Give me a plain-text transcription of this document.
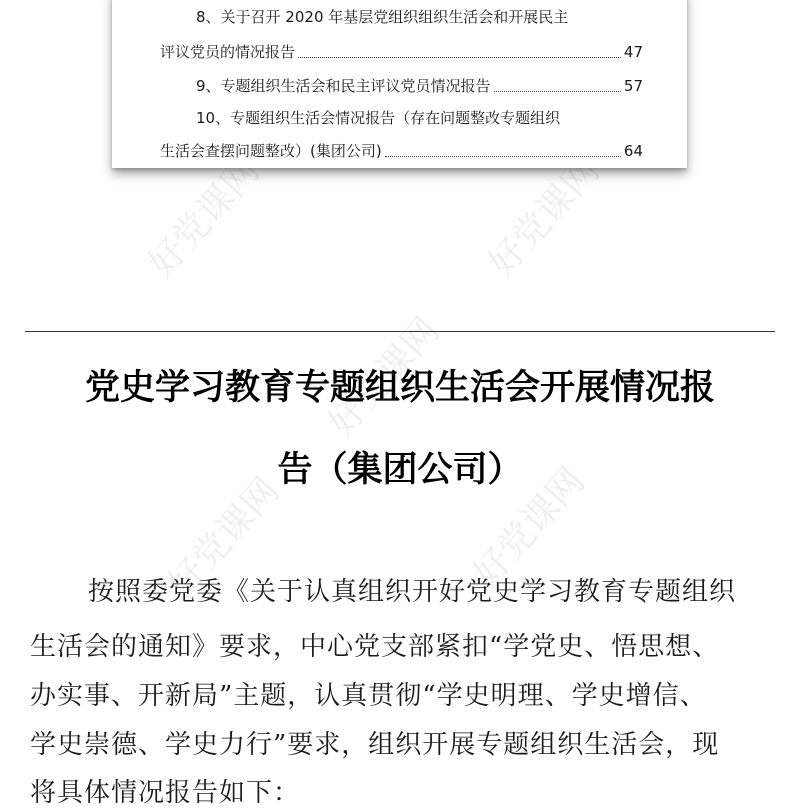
好党课网	好党课网
好党课网
好党课网	好党课网
8、关于召开 2020 年基层党组织组织生活会和开展民主
评议党员的情况报告	47
9、专题组织生活会和民主评议党员情况报告	57
10、专题组织生活会情况报告（存在问题整改专题组织
生活会查摆问题整改）(集团公司)	64
党史学习教育专题组织生活会开展情况报
告（集团公司）
按照委党委《关于认真组织开好党史学习教育专题组织
生活会的通知》要求，中心党支部紧扣“学党史、悟思想、
办实事、开新局”主题，认真贯彻“学史明理、学史增信、
学史崇德、学史力行”要求，组织开展专题组织生活会，现
将具体情况报告如下：
